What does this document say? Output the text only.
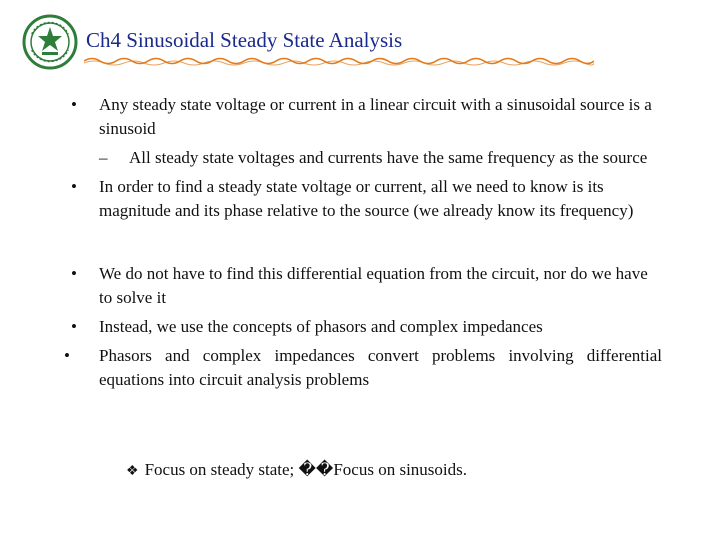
Ch4 Sinusoidal Steady State Analysis
•	Any steady state voltage or current in a linear circuit with a sinusoidal source is a sinusoid
– All steady state voltages and currents have the same frequency as the source
•	In order to find a steady state voltage or current, all we need to know is its magnitude and its phase relative to the source (we already know its frequency)
•	We do not have to find this differential equation from the circuit, nor do we have to solve it
•	Instead, we use the concepts of phasors and complex impedances
•	Phasors and complex impedances convert problems involving differential equations into circuit analysis problems
❖ Focus on steady state; ��Focus on sinusoids.
